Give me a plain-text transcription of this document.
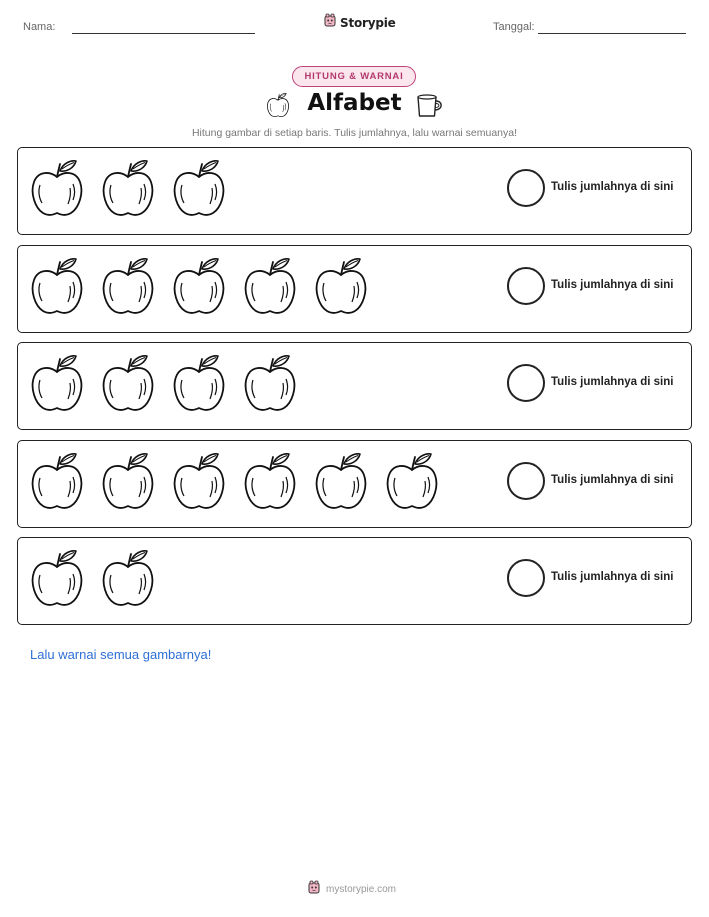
Nama:	Storypie	Tanggal:
HITUNG & WARNAI
Alfabet
Hitung gambar di setiap baris. Tulis jumlahnya, lalu warnai semuanya!
Tulis jumlahnya di sini
Tulis jumlahnya di sini
Tulis jumlahnya di sini
Tulis jumlahnya di sini
Tulis jumlahnya di sini
Lalu warnai semua gambarnya!
mystorypie.com
